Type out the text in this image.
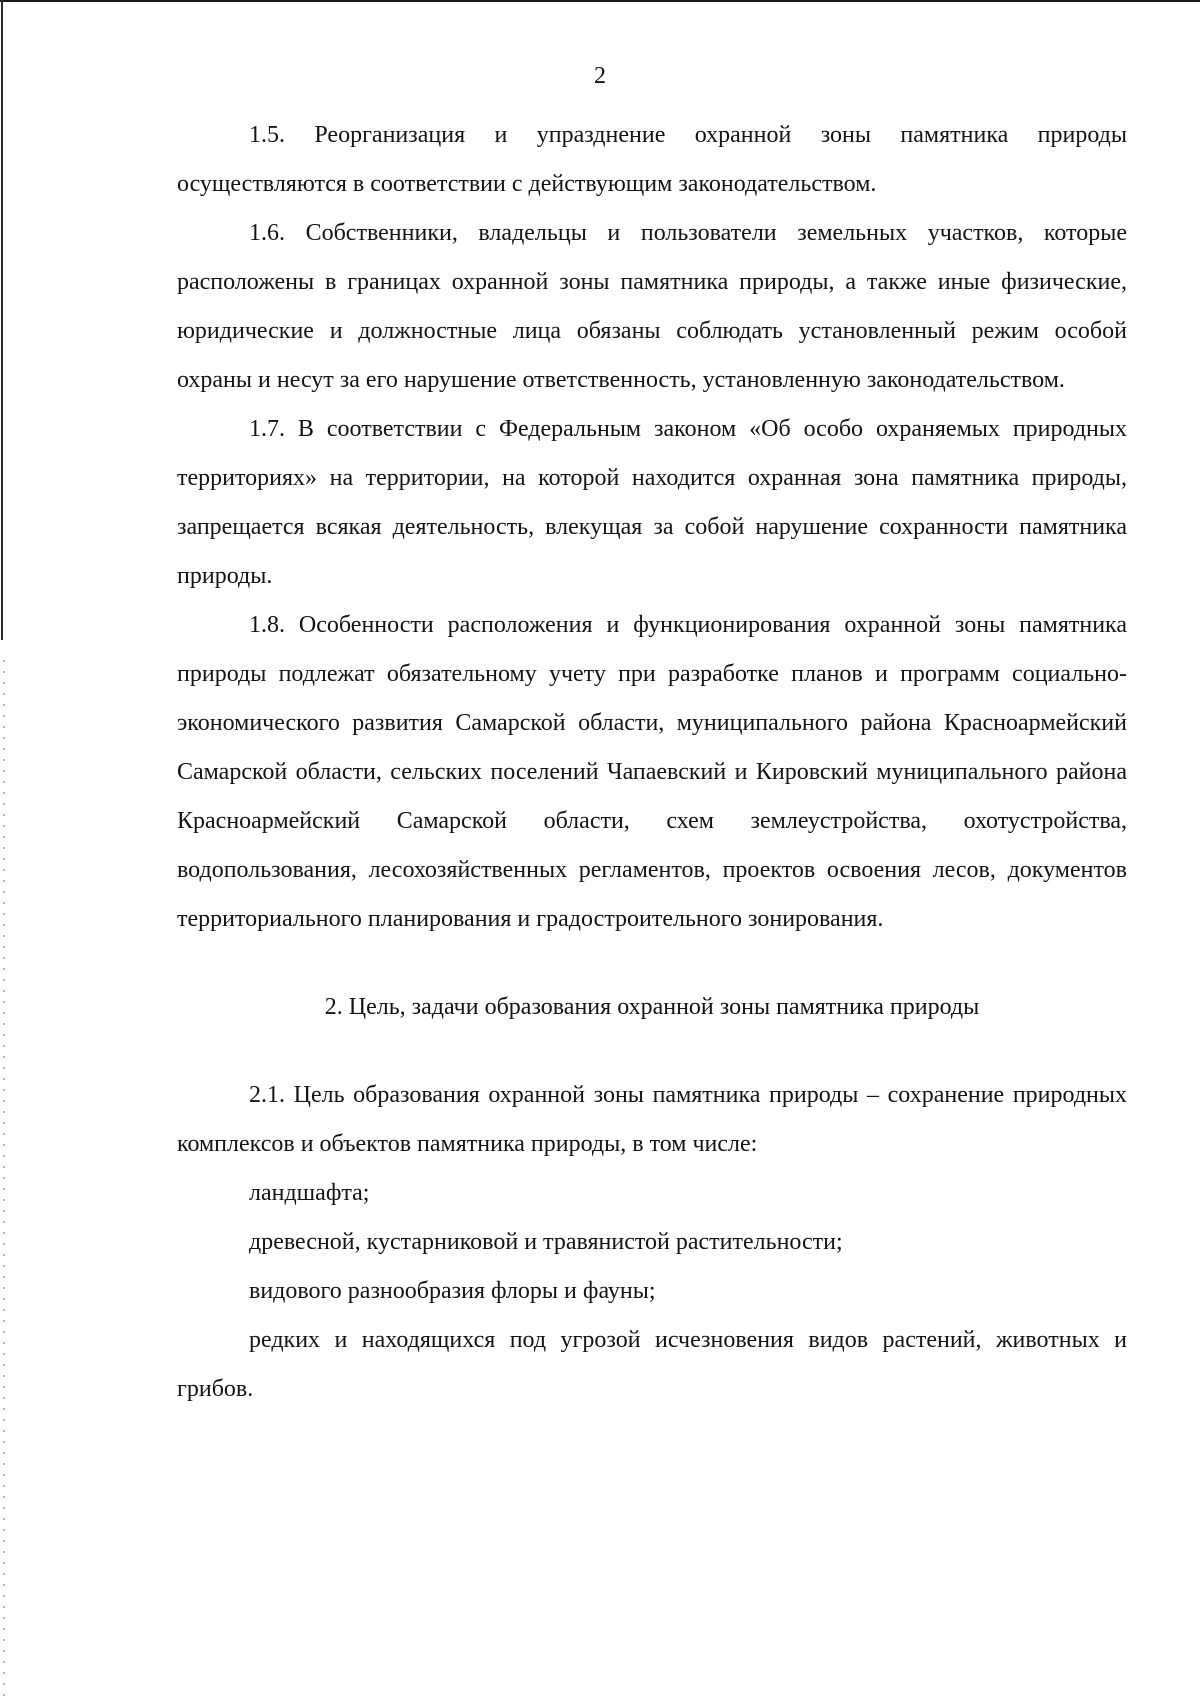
2

1.5. Реорганизация и упразднение охранной зоны памятника природы осуществляются в соответствии с действующим законодательством.

1.6. Собственники, владельцы и пользователи земельных участков, которые расположены в границах охранной зоны памятника природы, а также иные физические, юридические и должностные лица обязаны соблюдать установленный режим особой охраны и несут за его нарушение ответственность, установленную законодательством.

1.7. В соответствии с Федеральным законом «Об особо охраняемых природных территориях» на территории, на которой находится охранная зона памятника природы, запрещается всякая деятельность, влекущая за собой нарушение сохранности памятника природы.

1.8. Особенности расположения и функционирования охранной зоны памятника природы подлежат обязательному учету при разработке планов и программ социально-экономического развития Самарской области, муниципального района Красноармейский Самарской области, сельских поселений Чапаевский и Кировский муниципального района Красноармейский Самарской области, схем землеустройства, охотустройства, водопользования, лесохозяйственных регламентов, проектов освоения лесов, документов территориального планирования и градостроительного зонирования.

2. Цель, задачи образования охранной зоны памятника природы

2.1. Цель образования охранной зоны памятника природы – сохранение природных комплексов и объектов памятника природы, в том числе:

ландшафта;

древесной, кустарниковой и травянистой растительности;

видового разнообразия флоры и фауны;

редких и находящихся под угрозой исчезновения видов растений, животных и грибов.
